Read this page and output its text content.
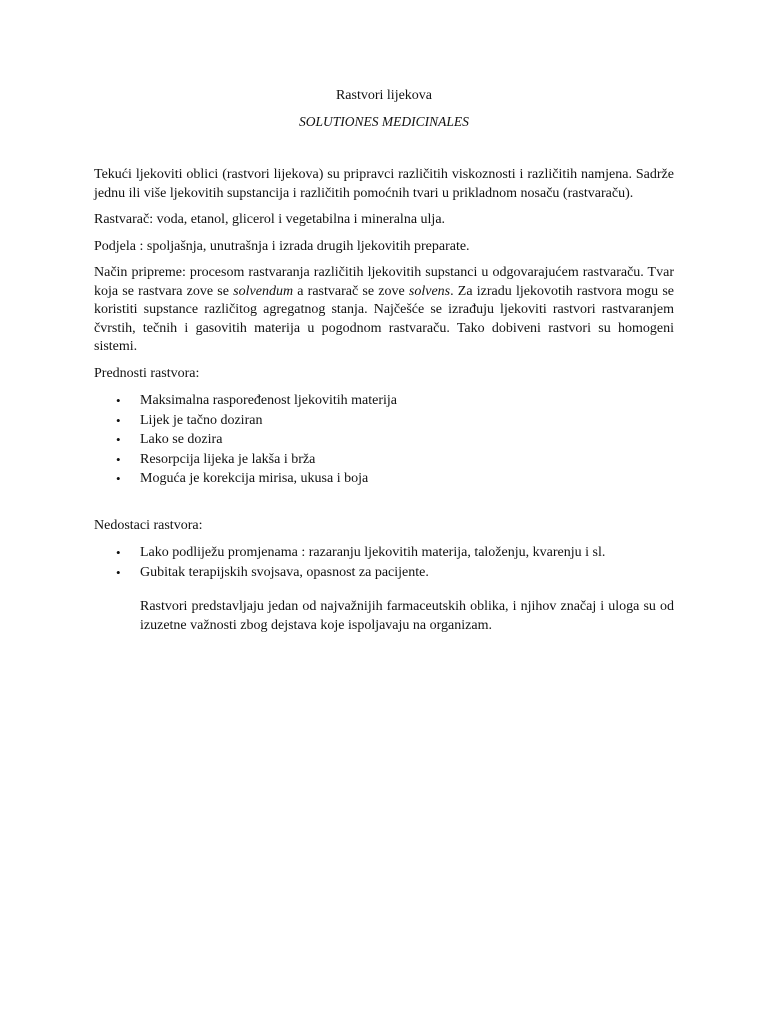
Rastvori lijekova
SOLUTIONES MEDICINALES

Tekući ljekoviti oblici (rastvori lijekova) su pripravci različitih viskoznosti i različitih namjena. Sadrže jednu ili više ljekovitih supstancija i različitih pomoćnih tvari u prikladnom nosaču (rastvaraču).

Rastvarač: voda, etanol, glicerol i vegetabilna i mineralna ulja.

Podjela : spoljašnja, unutrašnja i izrada drugih ljekovitih preparate.

Način pripreme: procesom rastvaranja različitih ljekovitih supstanci u odgovarajućem rastvaraču. Tvar koja se rastvara zove se solvendum a rastvarač se zove solvens. Za izradu ljekovotih rastvora mogu se koristiti supstance različitog agregatnog stanja. Najčešće se izrađuju ljekoviti rastvori rastvaranjem čvrstih, tečnih i gasovitih materija u pogodnom rastvaraču. Tako dobiveni rastvori su homogeni sistemi.

Prednosti rastvora:

• Maksimalna raspoređenost ljekovitih materija
• Lijek je tačno doziran
• Lako se dozira
• Resorpcija lijeka je lakša i brža
• Moguća je korekcija mirisa, ukusa i boja

Nedostaci rastvora:

• Lako podliježu promjenama : razaranju ljekovitih materija, taloženju, kvarenju i sl.
• Gubitak terapijskih svojsava, opasnost za pacijente.

Rastvori predstavljaju jedan od najvažnijih farmaceutskih oblika, i njihov značaj i uloga su od izuzetne važnosti zbog dejstava koje ispoljavaju na organizam.
